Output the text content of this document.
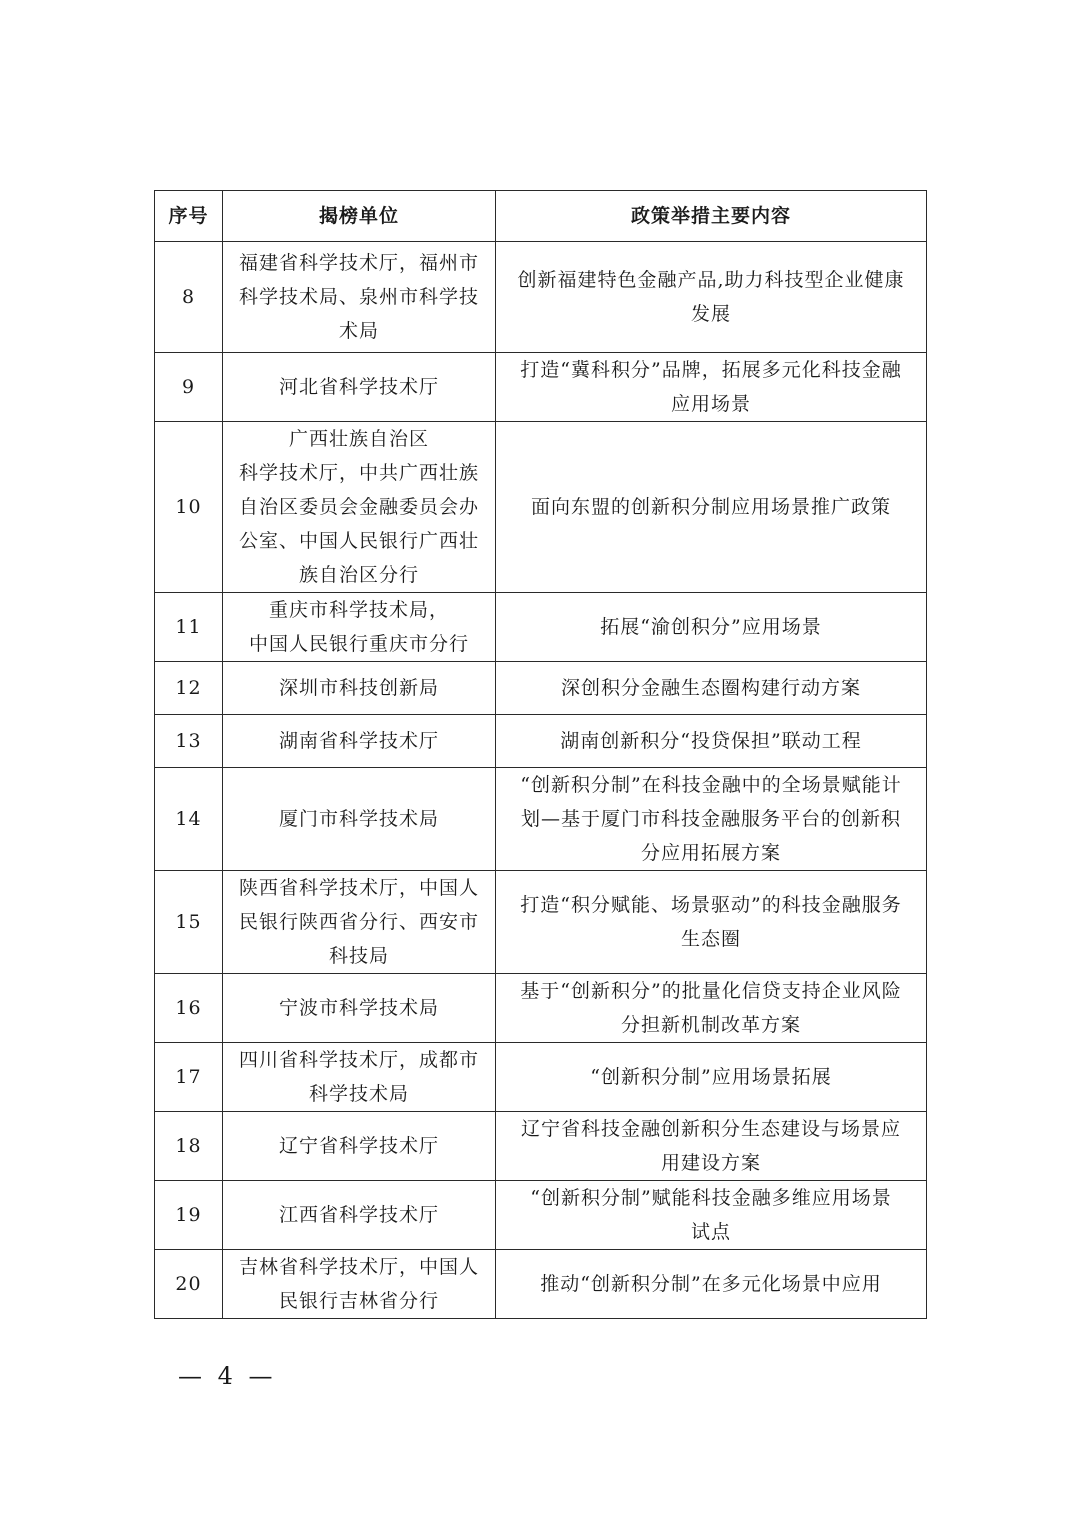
序号	揭榜单位	政策举措主要内容
8	福建省科学技术厅，福州市
科学技术局、泉州市科学技
术局	创新福建特色金融产品,助力科技型企业健康
发展
9	河北省科学技术厅	打造“冀科积分”品牌，拓展多元化科技金融
应用场景
10	广西壮族自治区
科学技术厅，中共广西壮族
自治区委员会金融委员会办
公室、中国人民银行广西壮
族自治区分行	面向东盟的创新积分制应用场景推广政策
11	重庆市科学技术局，
中国人民银行重庆市分行	拓展“渝创积分”应用场景
12	深圳市科技创新局	深创积分金融生态圈构建行动方案
13	湖南省科学技术厅	湖南创新积分“投贷保担”联动工程
14	厦门市科学技术局	“创新积分制”在科技金融中的全场景赋能计
划—基于厦门市科技金融服务平台的创新积
分应用拓展方案
15	陕西省科学技术厅，中国人
民银行陕西省分行、西安市
科技局	打造“积分赋能、场景驱动”的科技金融服务
生态圈
16	宁波市科学技术局	基于“创新积分”的批量化信贷支持企业风险
分担新机制改革方案
17	四川省科学技术厅，成都市
科学技术局	“创新积分制”应用场景拓展
18	辽宁省科学技术厅	辽宁省科技金融创新积分生态建设与场景应
用建设方案
19	江西省科学技术厅	“创新积分制”赋能科技金融多维应用场景
试点
20	吉林省科学技术厅，中国人
民银行吉林省分行	推动“创新积分制”在多元化场景中应用
— 4 —
